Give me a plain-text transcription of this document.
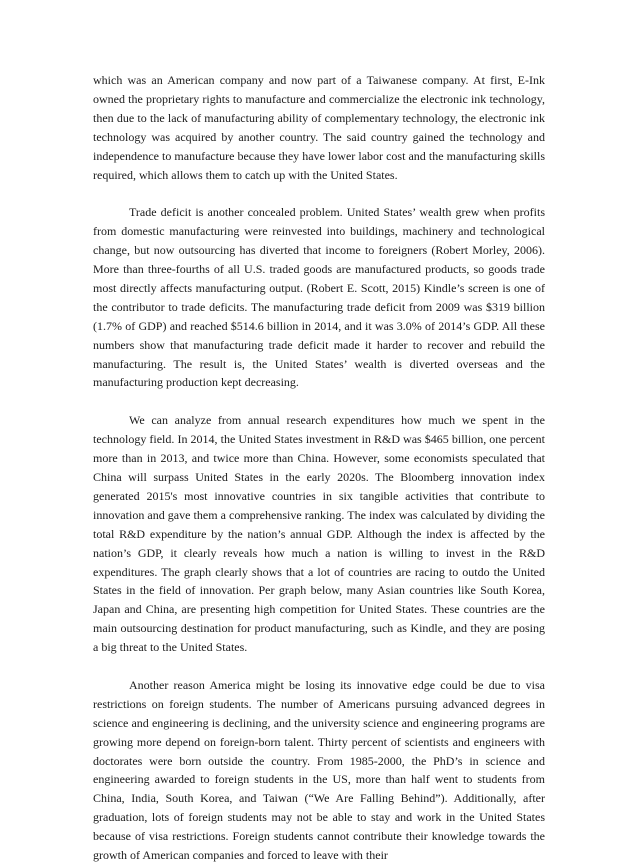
which was an American company and now part of a Taiwanese company. At first, E-Ink owned the proprietary rights to manufacture and commercialize the electronic ink technology, then due to the lack of manufacturing ability of complementary technology, the electronic ink technology was acquired by another country. The said country gained the technology and independence to manufacture because they have lower labor cost and the manufacturing skills required, which allows them to catch up with the United States.

Trade deficit is another concealed problem. United States’ wealth grew when profits from domestic manufacturing were reinvested into buildings, machinery and technological change, but now outsourcing has diverted that income to foreigners (Robert Morley, 2006). More than three-fourths of all U.S. traded goods are manufactured products, so goods trade most directly affects manufacturing output. (Robert E. Scott, 2015) Kindle’s screen is one of the contributor to trade deficits. The manufacturing trade deficit from 2009 was $319 billion (1.7% of GDP) and reached $514.6 billion in 2014, and it was 3.0% of 2014’s GDP. All these numbers show that manufacturing trade deficit made it harder to recover and rebuild the manufacturing. The result is, the United States’ wealth is diverted overseas and the manufacturing production kept decreasing.

We can analyze from annual research expenditures how much we spent in the technology field. In 2014, the United States investment in R&D was $465 billion, one percent more than in 2013, and twice more than China. However, some economists speculated that China will surpass United States in the early 2020s. The Bloomberg innovation index generated 2015's most innovative countries in six tangible activities that contribute to innovation and gave them a comprehensive ranking. The index was calculated by dividing the total R&D expenditure by the nation’s annual GDP. Although the index is affected by the nation’s GDP, it clearly reveals how much a nation is willing to invest in the R&D expenditures. The graph clearly shows that a lot of countries are racing to outdo the United States in the field of innovation. Per graph below, many Asian countries like South Korea, Japan and China, are presenting high competition for United States. These countries are the main outsourcing destination for product manufacturing, such as Kindle, and they are posing a big threat to the United States.

Another reason America might be losing its innovative edge could be due to visa restrictions on foreign students. The number of Americans pursuing advanced degrees in science and engineering is declining, and the university science and engineering programs are growing more depend on foreign-born talent. Thirty percent of scientists and engineers with doctorates were born outside the country. From 1985-2000, the PhD’s in science and engineering awarded to foreign students in the US, more than half went to students from China, India, South Korea, and Taiwan (“We Are Falling Behind”). Additionally, after graduation, lots of foreign students may not be able to stay and work in the United States because of visa restrictions. Foreign students cannot contribute their knowledge towards the growth of American companies and forced to leave with their
